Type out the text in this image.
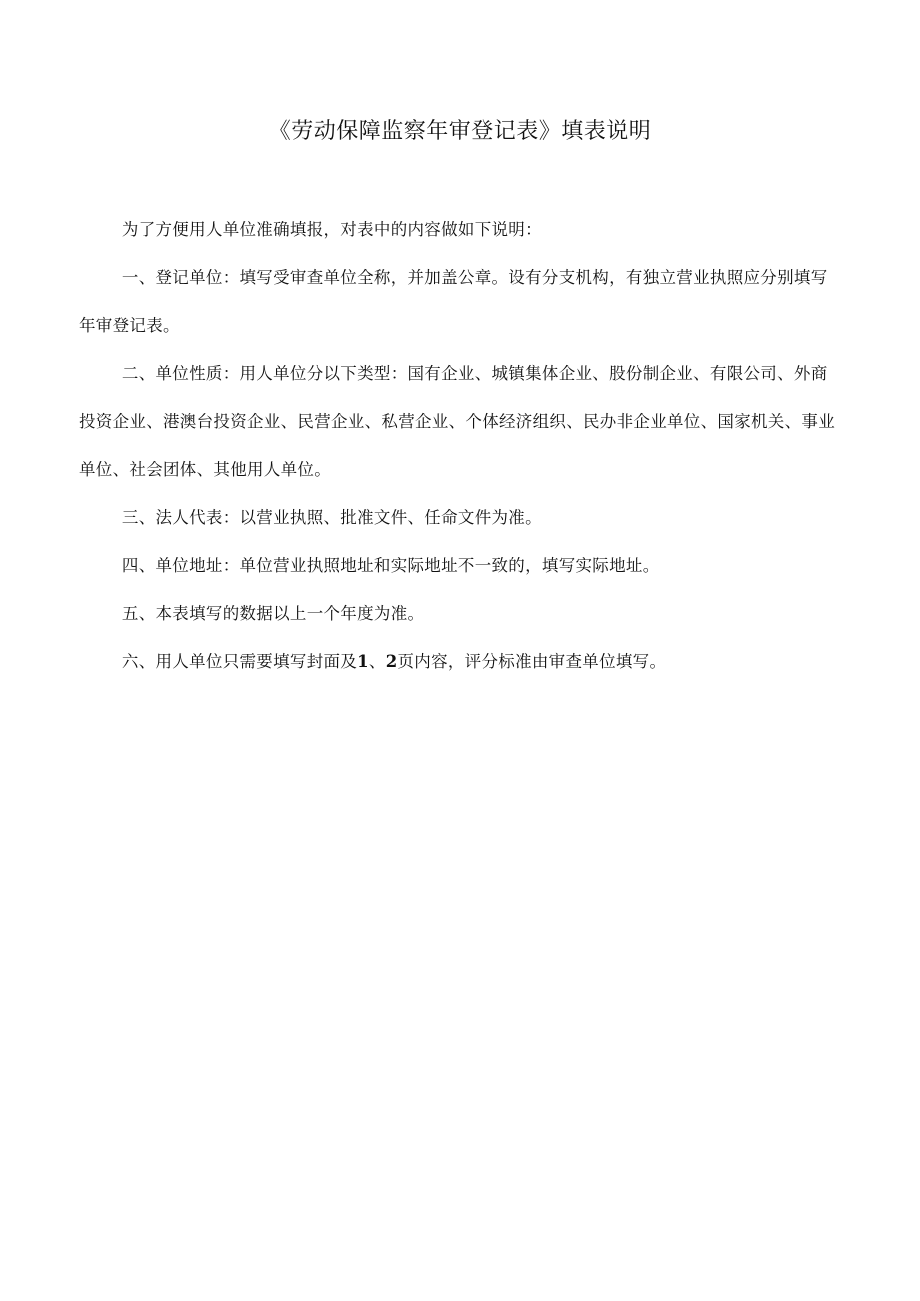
《劳动保障监察年审登记表》填表说明

为了方便用人单位准确填报，对表中的内容做如下说明：

一、登记单位：填写受审查单位全称，并加盖公章。设有分支机构，有独立营业执照应分别填写年审登记表。

二、单位性质：用人单位分以下类型：国有企业、城镇集体企业、股份制企业、有限公司、外商投资企业、港澳台投资企业、民营企业、私营企业、个体经济组织、民办非企业单位、国家机关、事业单位、社会团体、其他用人单位。

三、法人代表：以营业执照、批准文件、任命文件为准。

四、单位地址：单位营业执照地址和实际地址不一致的，填写实际地址。

五、本表填写的数据以上一个年度为准。

六、用人单位只需要填写封面及1、2页内容，评分标准由审查单位填写。
